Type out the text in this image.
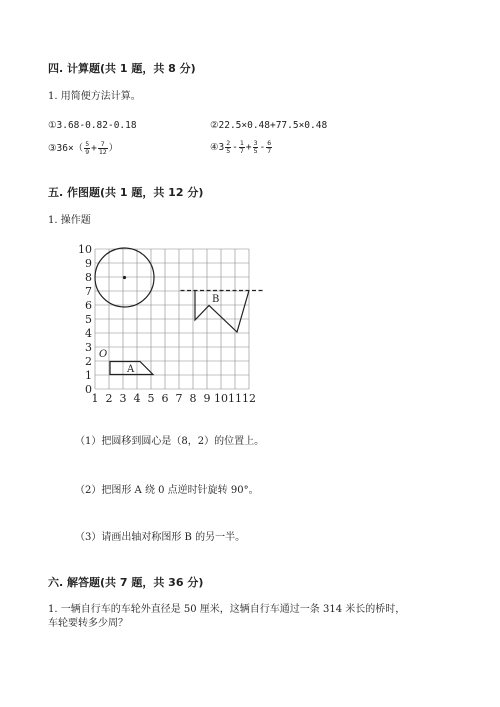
四. 计算题(共 1 题，共 8 分)
1. 用简便方法计算。
①3.68-0.82-0.18	②22.5×0.48+77.5×0.48
③36×（ $\frac{5}{9} + \frac{7}{12}$ ）	④3 $\frac{2}{5} - \frac{1}{7} + \frac{3}{5} - \frac{6}{7}$
五. 作图题(共 1 题，共 12 分)
1. 操作题
10
9
8
7
6
5
4
3
2
1
0
1 2 3 4 5 6 7 8 9 10 11 12
B
A
O
（1）把圆移到圆心是（8，2）的位置上。
（2）把图形 A 绕 0 点逆时针旋转 90°。
（3）请画出轴对称图形 B 的另一半。
六. 解答题(共 7 题，共 36 分)
1. 一辆自行车的车轮外直径是 50 厘米，这辆自行车通过一条 314 米长的桥时，
车轮要转多少周？
